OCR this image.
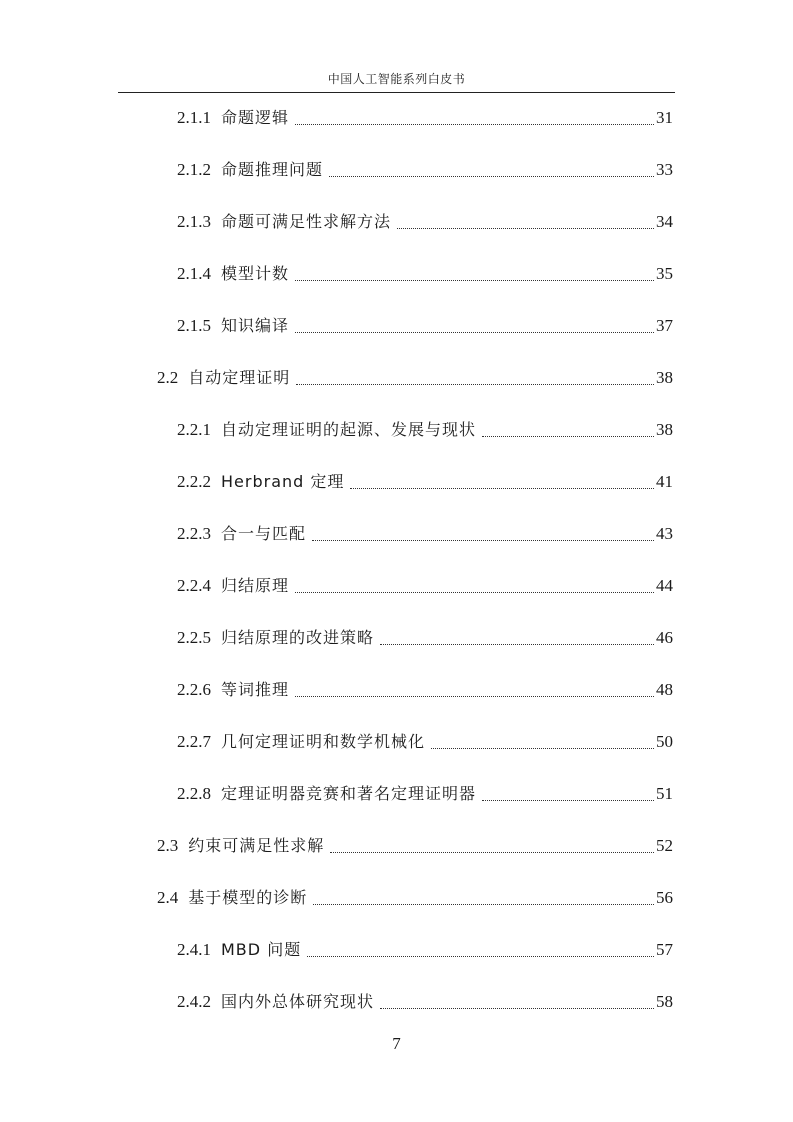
中国人工智能系列白皮书
2.1.1 命题逻辑	31
2.1.2 命题推理问题	33
2.1.3 命题可满足性求解方法	34
2.1.4 模型计数	35
2.1.5 知识编译	37
2.2 自动定理证明	38
2.2.1 自动定理证明的起源、发展与现状	38
2.2.2 Herbrand 定理	41
2.2.3 合一与匹配	43
2.2.4 归结原理	44
2.2.5 归结原理的改进策略	46
2.2.6 等词推理	48
2.2.7 几何定理证明和数学机械化	50
2.2.8 定理证明器竞赛和著名定理证明器	51
2.3 约束可满足性求解	52
2.4 基于模型的诊断	56
2.4.1 MBD 问题	57
2.4.2 国内外总体研究现状	58
7
